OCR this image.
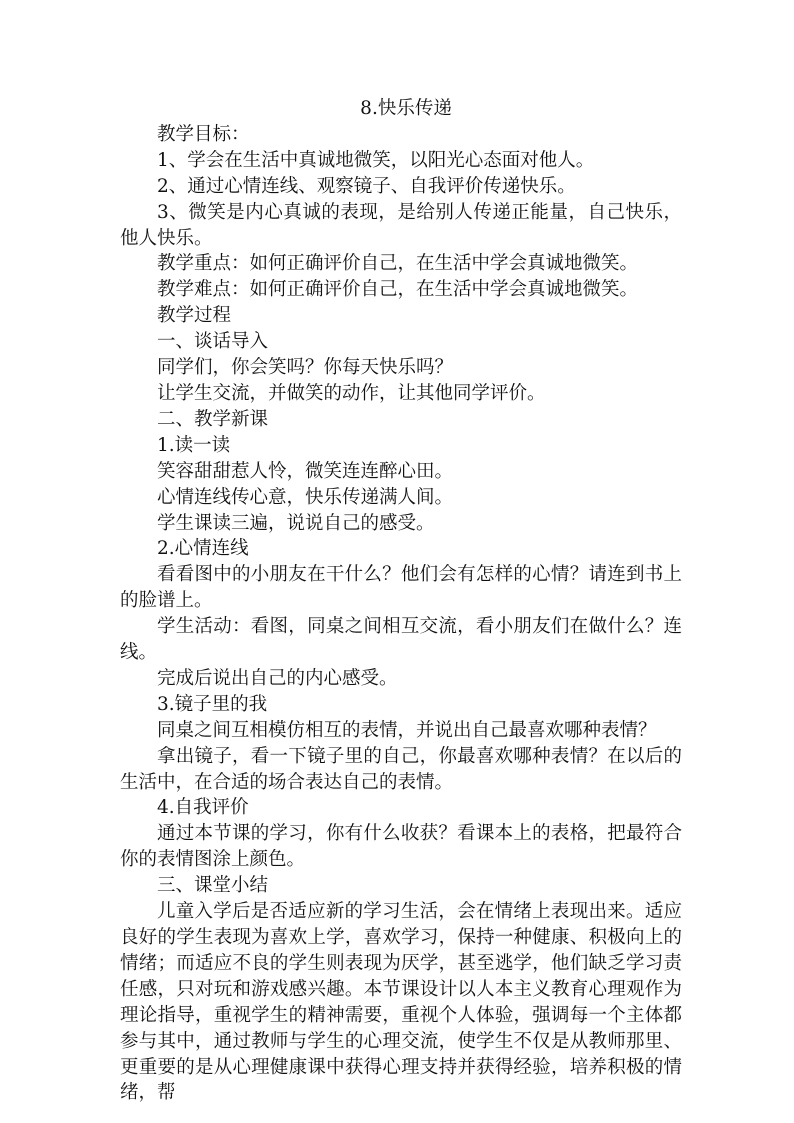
8.快乐传递

教学目标：

1、学会在生活中真诚地微笑，以阳光心态面对他人。

2、通过心情连线、观察镜子、自我评价传递快乐。

3、微笑是内心真诚的表现，是给别人传递正能量，自己快乐，他人快乐。

教学重点：如何正确评价自己，在生活中学会真诚地微笑。

教学难点：如何正确评价自己，在生活中学会真诚地微笑。

教学过程

一、谈话导入

同学们，你会笑吗？你每天快乐吗？

让学生交流，并做笑的动作，让其他同学评价。

二、教学新课

1.读一读

笑容甜甜惹人怜，微笑连连醉心田。

心情连线传心意，快乐传递满人间。

学生课读三遍，说说自己的感受。

2.心情连线

看看图中的小朋友在干什么？他们会有怎样的心情？请连到书上的脸谱上。

学生活动：看图，同桌之间相互交流，看小朋友们在做什么？连线。

完成后说出自己的内心感受。

3.镜子里的我

同桌之间互相模仿相互的表情，并说出自己最喜欢哪种表情？

拿出镜子，看一下镜子里的自己，你最喜欢哪种表情？在以后的生活中，在合适的场合表达自己的表情。

4.自我评价

通过本节课的学习，你有什么收获？看课本上的表格，把最符合你的表情图涂上颜色。

三、课堂小结

儿童入学后是否适应新的学习生活，会在情绪上表现出来。适应良好的学生表现为喜欢上学，喜欢学习，保持一种健康、积极向上的情绪；而适应不良的学生则表现为厌学，甚至逃学，他们缺乏学习责任感，只对玩和游戏感兴趣。本节课设计以人本主义教育心理观作为理论指导，重视学生的精神需要，重视个人体验，强调每一个主体都参与其中，通过教师与学生的心理交流，使学生不仅是从教师那里、更重要的是从心理健康课中获得心理支持并获得经验，培养积极的情绪，帮
